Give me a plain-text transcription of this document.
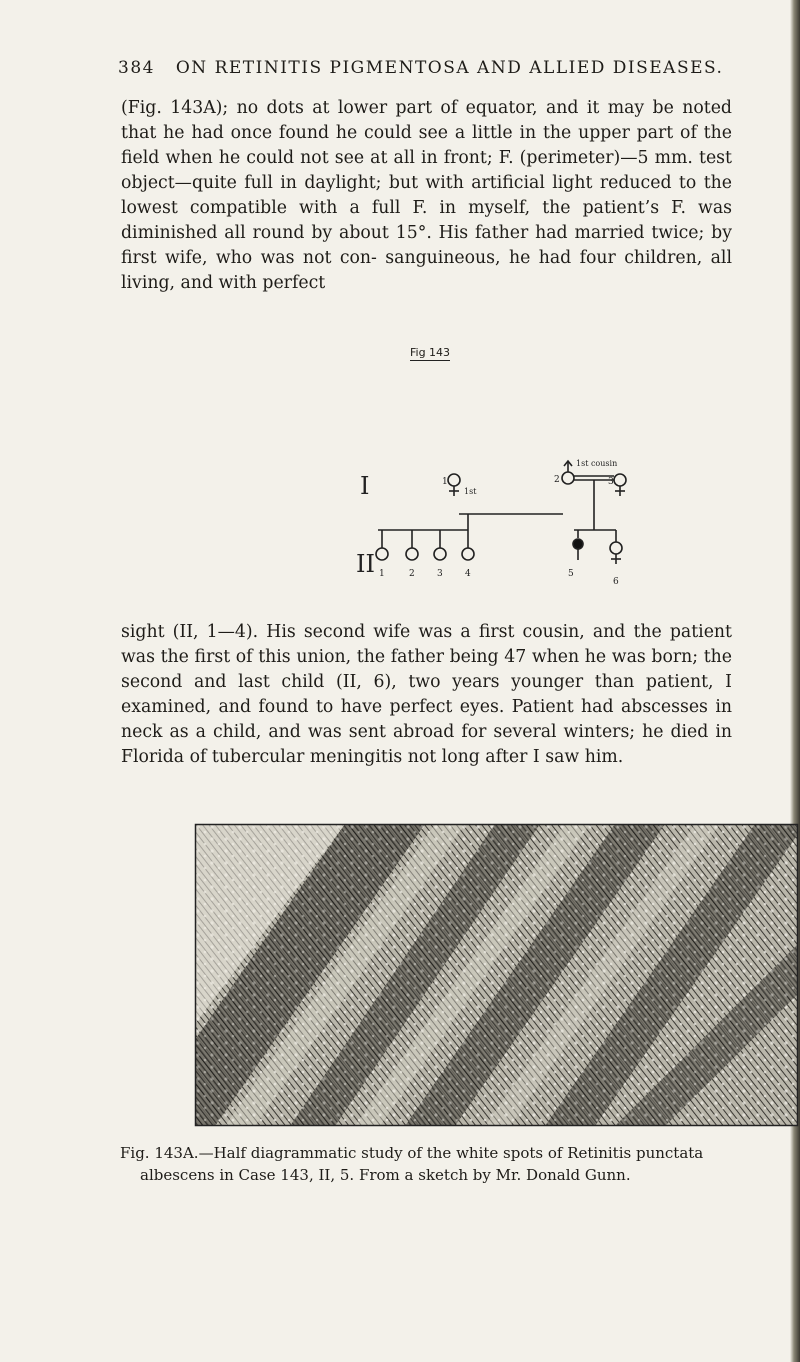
384 ON RETINITIS PIGMENTOSA AND ALLIED DISEASES.

(Fig. 143A); no dots at lower part of equator, and it may be noted that he had once found he could see a little in the upper part of the field when he could not see at all in front; F. (perimeter)—5 mm. test object—quite full in daylight; but with artificial light reduced to the lowest compatible with a full F. in myself, the patient’s F. was diminished all round by about 15°. His father had married twice; by first wife, who was not con- sanguineous, he had four children, all living, and with perfect

Fig 143
I
II
1
1st
2	3
1st cousin
1	2 3 4	5
6

sight (II, 1—4). His second wife was a first cousin, and the patient was the first of this union, the father being 47 when he was born; the second and last child (II, 6), two years younger than patient, I examined, and found to have perfect eyes. Patient had abscesses in neck as a child, and was sent abroad for several winters; he died in Florida of tubercular meningitis not long after I saw him.

Fig. 143A.—Half diagrammatic study of the white spots of Retinitis punctata
albescens in Case 143, II, 5. From a sketch by Mr. Donald Gunn.
